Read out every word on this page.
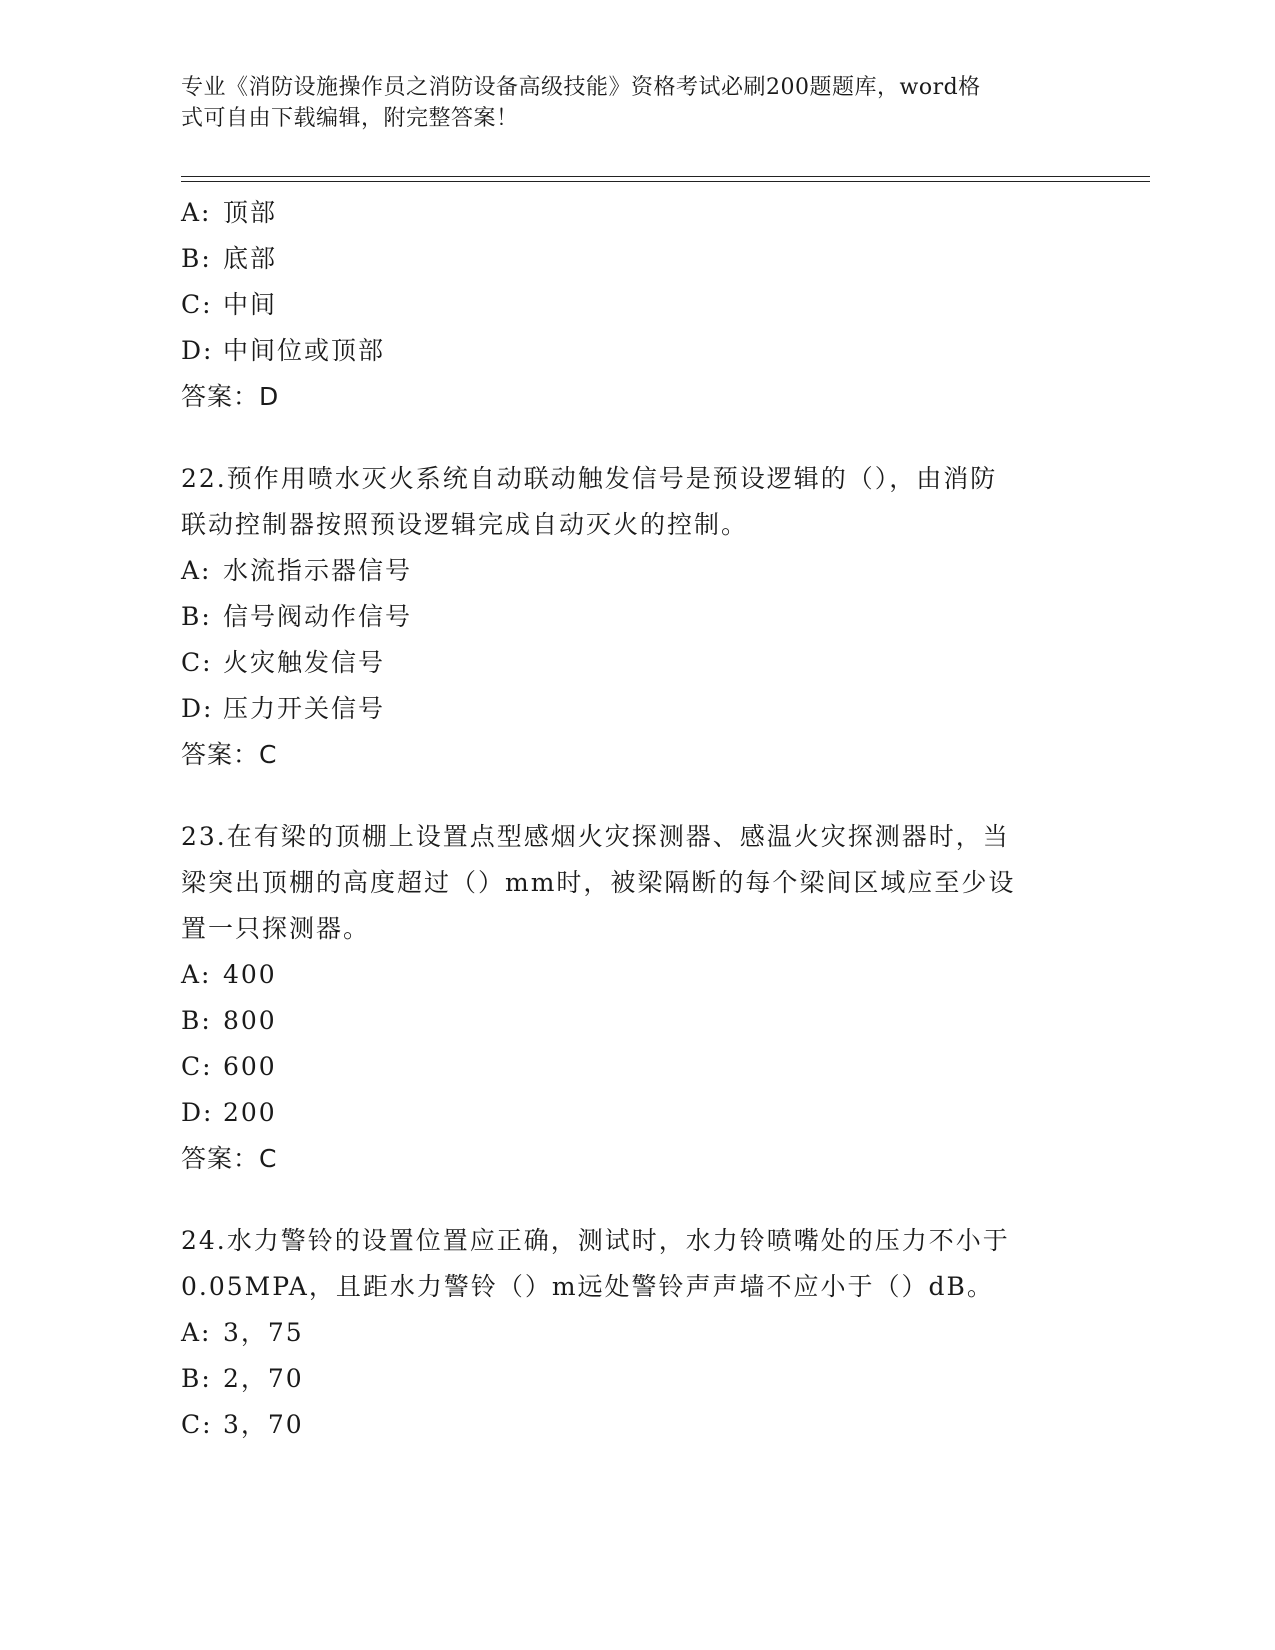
专业《消防设施操作员之消防设备高级技能》资格考试必刷200题题库，word格
式可自由下载编辑，附完整答案！
A: 顶部
B: 底部
C: 中间
D: 中间位或顶部
答案：D
22.预作用喷水灭火系统自动联动触发信号是预设逻辑的（），由消防
联动控制器按照预设逻辑完成自动灭火的控制。
A: 水流指示器信号
B: 信号阀动作信号
C: 火灾触发信号
D: 压力开关信号
答案：C
23.在有梁的顶棚上设置点型感烟火灾探测器、感温火灾探测器时，当
梁突出顶棚的高度超过（）mm时，被梁隔断的每个梁间区域应至少设
置一只探测器。
A: 400
B: 800
C: 600
D: 200
答案：C
24.水力警铃的设置位置应正确，测试时，水力铃喷嘴处的压力不小于
0.05MPA，且距水力警铃（）m远处警铃声声墙不应小于（）dB。
A: 3，75
B: 2，70
C: 3，70
